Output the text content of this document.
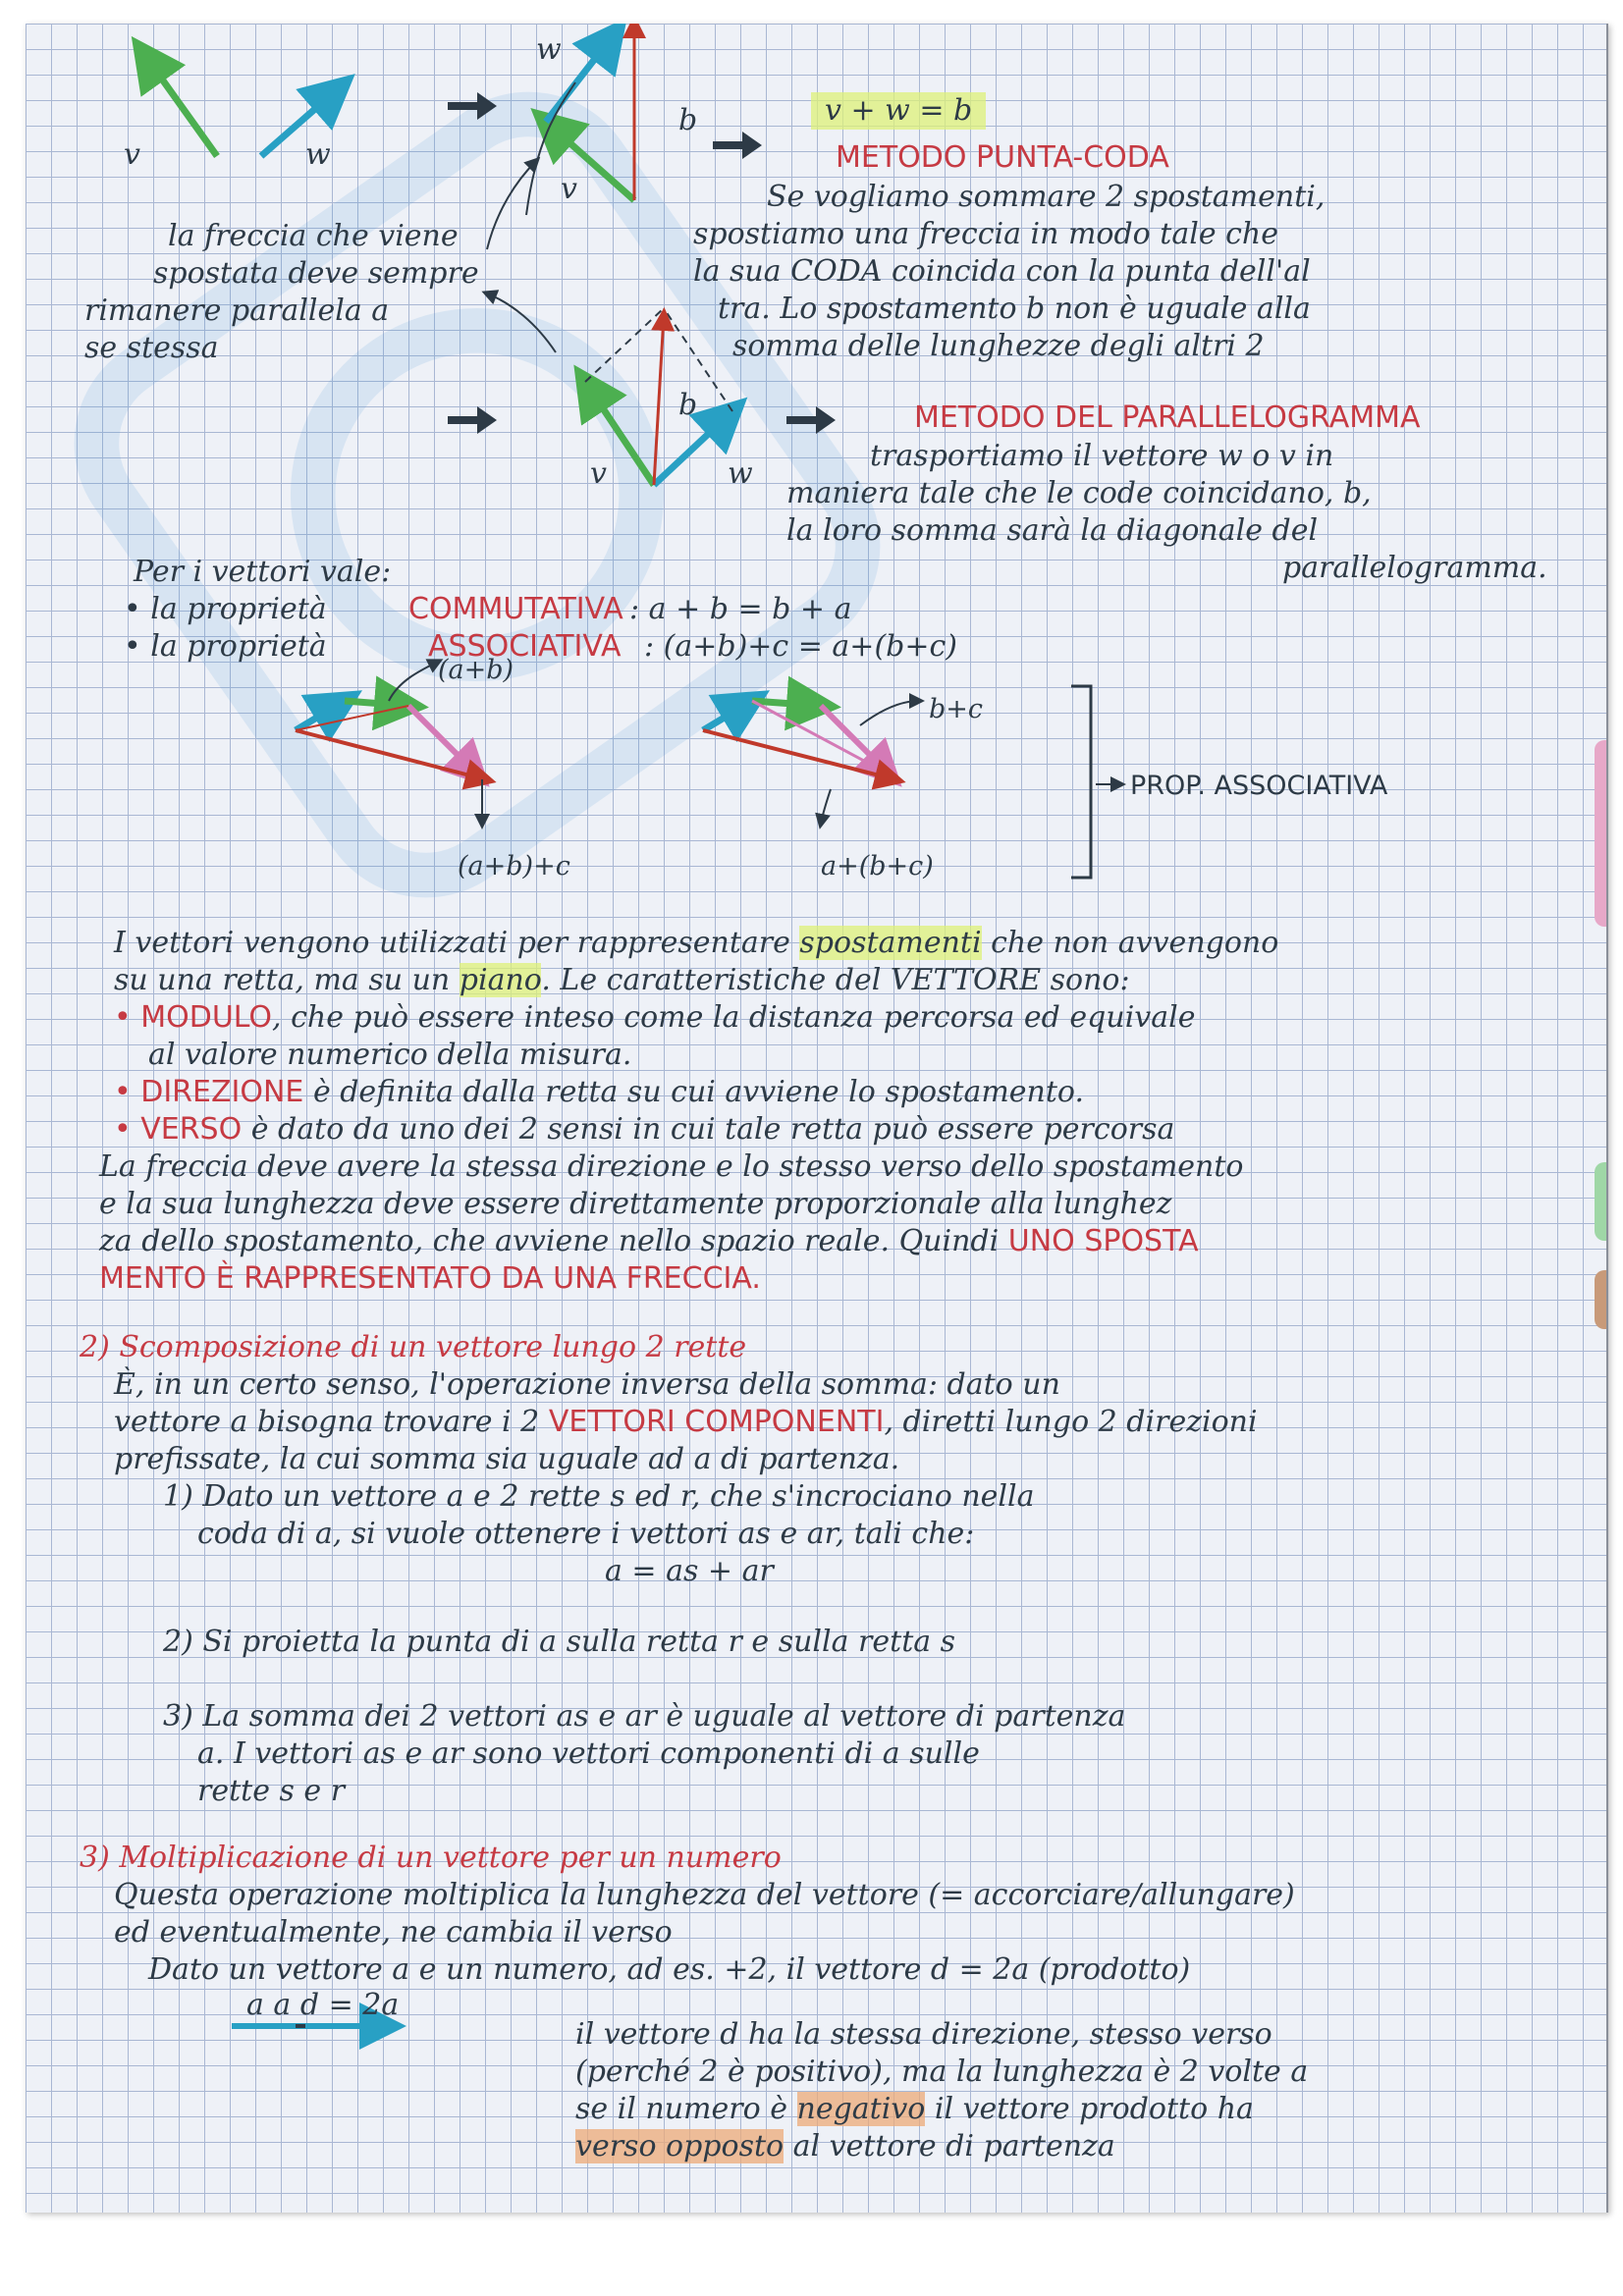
v	w
w
v
b	v + w = b
METODO PUNTA-CODA
Se vogliamo sommare 2 spostamenti,
spostiamo una freccia in modo tale che
la sua CODA coincida con la punta dell'al
tra. Lo spostamento b non è uguale alla
somma delle lunghezze degli altri 2
la freccia che viene
spostata deve sempre
rimanere parallela a
se stessa
b
v	w
METODO DEL PARALLELOGRAMMA
trasportiamo il vettore w o v in
maniera tale che le code coincidano, b,
la loro somma sarà la diagonale del
parallelogramma.
Per i vettori vale:
• la proprietà	COMMUTATIVA : a + b = b + a
• la proprietà	ASSOCIATIVA : (a+b)+c = a+(b+c)
(a+b)
(a+b)+c
b+c
a+(b+c)
PROP. ASSOCIATIVA
I vettori vengono utilizzati per rappresentare spostamenti che non avvengono
su una retta, ma su un piano. Le caratteristiche del VETTORE sono:
• MODULO, che può essere inteso come la distanza percorsa ed equivale
al valore numerico della misura.
• DIREZIONE è definita dalla retta su cui avviene lo spostamento.
• VERSO è dato da uno dei 2 sensi in cui tale retta può essere percorsa
La freccia deve avere la stessa direzione e lo stesso verso dello spostamento
e la sua lunghezza deve essere direttamente proporzionale alla lunghez
za dello spostamento, che avviene nello spazio reale. Quindi UNO SPOSTA
MENTO È RAPPRESENTATO DA UNA FRECCIA.
2) Scomposizione di un vettore lungo 2 rette
È, in un certo senso, l'operazione inversa della somma: dato un
vettore a bisogna trovare i 2 VETTORI COMPONENTI, diretti lungo 2 direzioni
prefissate, la cui somma sia uguale ad a di partenza.
1) Dato un vettore a e 2 rette s ed r, che s'incrociano nella
coda di a, si vuole ottenere i vettori as e ar, tali che:
a = as + ar
2) Si proietta la punta di a sulla retta r e sulla retta s
3) La somma dei 2 vettori as e ar è uguale al vettore di partenza
a. I vettori as e ar sono vettori componenti di a sulle
rette s e r
3) Moltiplicazione di un vettore per un numero
Questa operazione moltiplica la lunghezza del vettore (= accorciare/allungare)
ed eventualmente, ne cambia il verso
Dato un vettore a e un numero, ad es. +2, il vettore d = 2a (prodotto)
a a d = 2a
il vettore d ha la stessa direzione, stesso verso
(perché 2 è positivo), ma la lunghezza è 2 volte a
se il numero è negativo il vettore prodotto ha
verso opposto al vettore di partenza
